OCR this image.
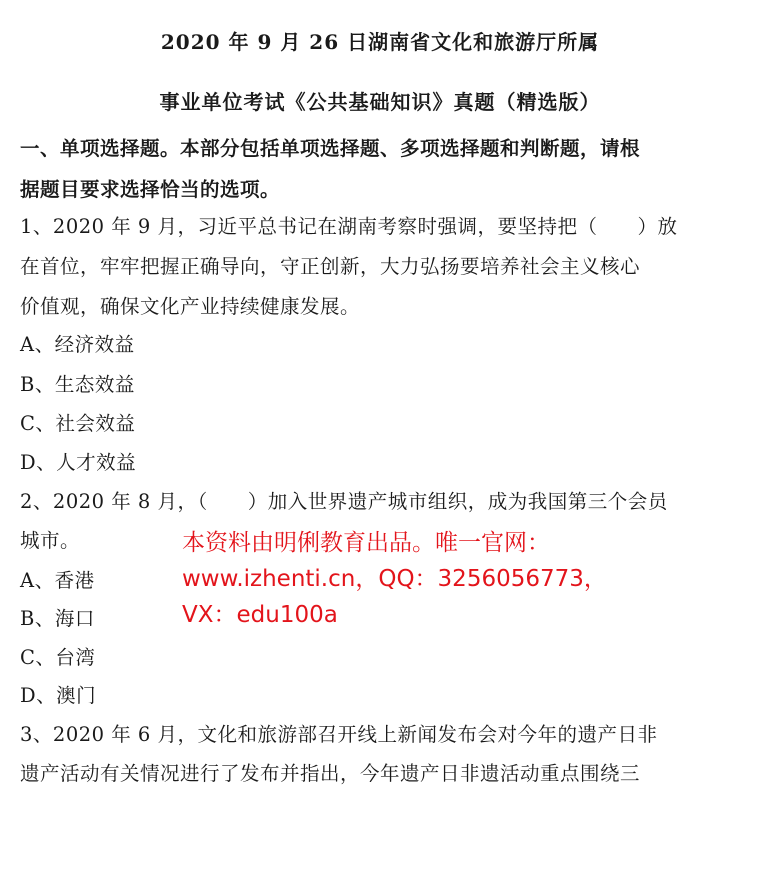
2020 年 9 月 26 日湖南省文化和旅游厅所属
事业单位考试《公共基础知识》真题（精选版）
一、单项选择题。本部分包括单项选择题、多项选择题和判断题，请根
据题目要求选择恰当的选项。
1、2020 年 9 月，习近平总书记在湖南考察时强调，要坚持把（　　）放
在首位，牢牢把握正确导向，守正创新，大力弘扬要培养社会主义核心
价值观，确保文化产业持续健康发展。
A、经济效益
B、生态效益
C、社会效益
D、人才效益
2、2020 年 8 月，（　　）加入世界遗产城市组织，成为我国第三个会员
城市。
A、香港
B、海口
C、台湾
D、澳门
3、2020 年 6 月，文化和旅游部召开线上新闻发布会对今年的遗产日非
遗产活动有关情况进行了发布并指出，今年遗产日非遗活动重点围绕三
本资料由明俐教育出品。唯一官网：
www.izhenti.cn，QQ：3256056773，
VX：edu100a
